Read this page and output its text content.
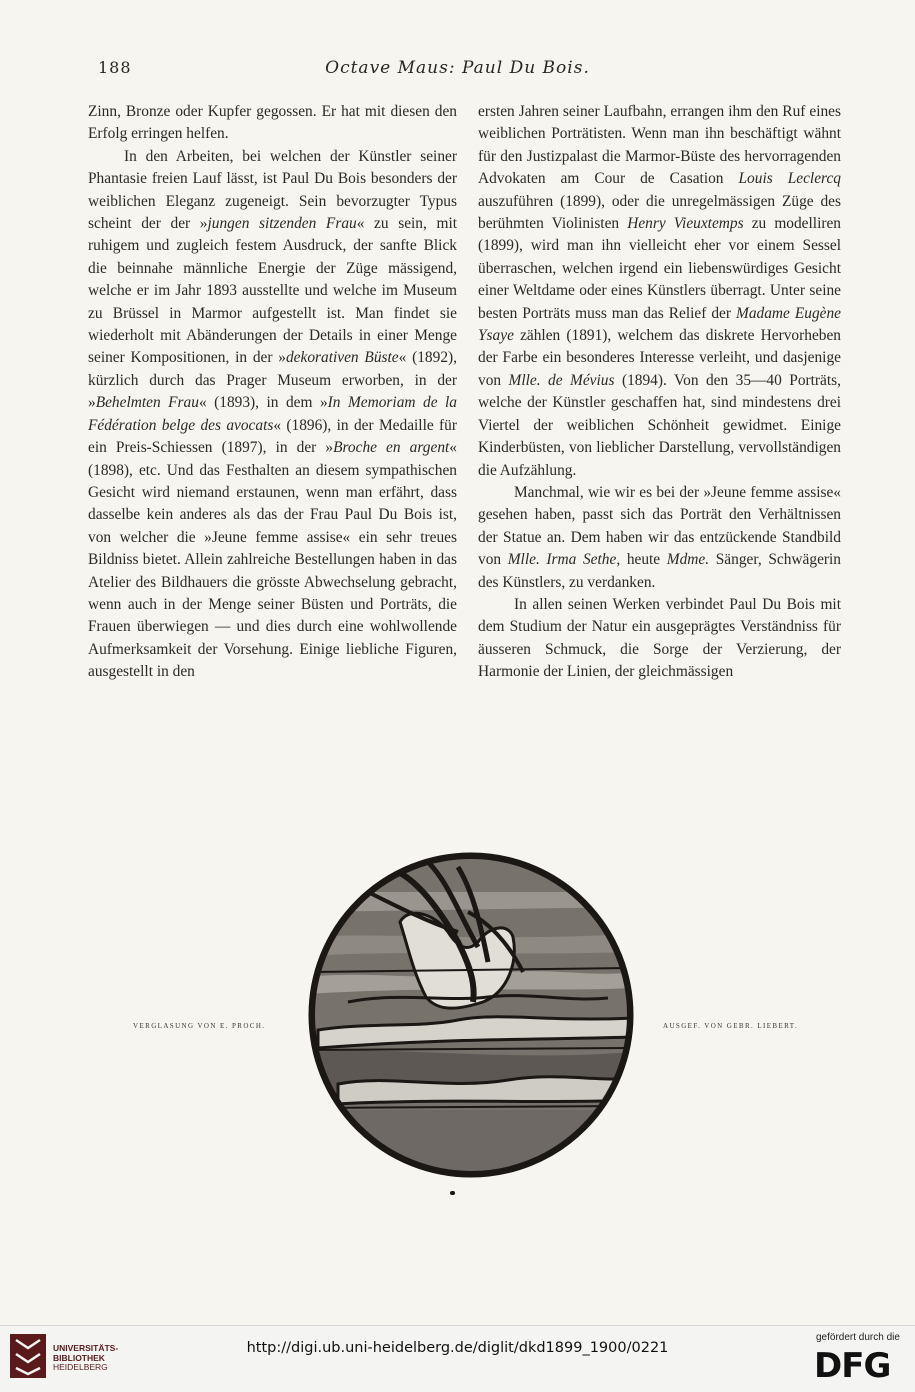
188	Octave Maus: Paul Du Bois.

Zinn, Bronze oder Kupfer gegossen. Er hat mit diesen den Erfolg erringen helfen.

In den Arbeiten, bei welchen der Künstler seiner Phantasie freien Lauf lässt, ist Paul Du Bois besonders der weiblichen Eleganz zugeneigt. Sein bevorzugter Typus scheint der der »jungen sitzenden Frau« zu sein, mit ruhigem und zugleich festem Ausdruck, der sanfte Blick die beinnahe männliche Energie der Züge mässigend, welche er im Jahr 1893 ausstellte und welche im Museum zu Brüssel in Marmor aufgestellt ist. Man findet sie wiederholt mit Abänderungen der Details in einer Menge seiner Kompositionen, in der »dekorativen Büste« (1892), kürzlich durch das Prager Museum erworben, in der »Behelmten Frau« (1893), in dem »In Memoriam de la Fédération belge des avocats« (1896), in der Medaille für ein Preis-Schiessen (1897), in der »Broche en argent« (1898), etc. Und das Festhalten an diesem sympathischen Gesicht wird niemand erstaunen, wenn man erfährt, dass dasselbe kein anderes als das der Frau Paul Du Bois ist, von welcher die »Jeune femme assise« ein sehr treues Bildniss bietet. Allein zahlreiche Bestellungen haben in das Atelier des Bildhauers die grösste Abwechselung gebracht, wenn auch in der Menge seiner Büsten und Porträts, die Frauen überwiegen — und dies durch eine wohlwollende Aufmerksamkeit der Vorsehung. Einige liebliche Figuren, ausgestellt in den

ersten Jahren seiner Laufbahn, errangen ihm den Ruf eines weiblichen Porträtisten. Wenn man ihn beschäftigt wähnt für den Justizpalast die Marmor-Büste des hervorragenden Advokaten am Cour de Casation Louis Leclercq auszuführen (1899), oder die unregelmässigen Züge des berühmten Violinisten Henry Vieuxtemps zu modelliren (1899), wird man ihn vielleicht eher vor einem Sessel überraschen, welchen irgend ein liebenswürdiges Gesicht einer Weltdame oder eines Künstlers überragt. Unter seine besten Porträts muss man das Relief der Madame Eugène Ysaye zählen (1891), welchem das diskrete Hervorheben der Farbe ein besonderes Interesse verleiht, und dasjenige von Mlle. de Mévius (1894). Von den 35—40 Porträts, welche der Künstler geschaffen hat, sind mindestens drei Viertel der weiblichen Schönheit gewidmet. Einige Kinderbüsten, von lieblicher Darstellung, vervollständigen die Aufzählung.

Manchmal, wie wir es bei der »Jeune femme assise« gesehen haben, passt sich das Porträt den Verhältnissen der Statue an. Dem haben wir das entzückende Standbild von Mlle. Irma Sethe, heute Mdme. Sänger, Schwägerin des Künstlers, zu verdanken.

In allen seinen Werken verbindet Paul Du Bois mit dem Studium der Natur ein ausgeprägtes Verständniss für äusseren Schmuck, die Sorge der Verzierung, der Harmonie der Linien, der gleichmässigen

VERGLASUNG VON E. PROCH.	AUSGEF. VON GEBR. LIEBERT.
UNIVERSITÄTS-
BIBLIOTHEK
HEIDELBERG
http://digi.ub.uni-heidelberg.de/diglit/dkd1899_1900/0221
gefördert durch die
DFG
